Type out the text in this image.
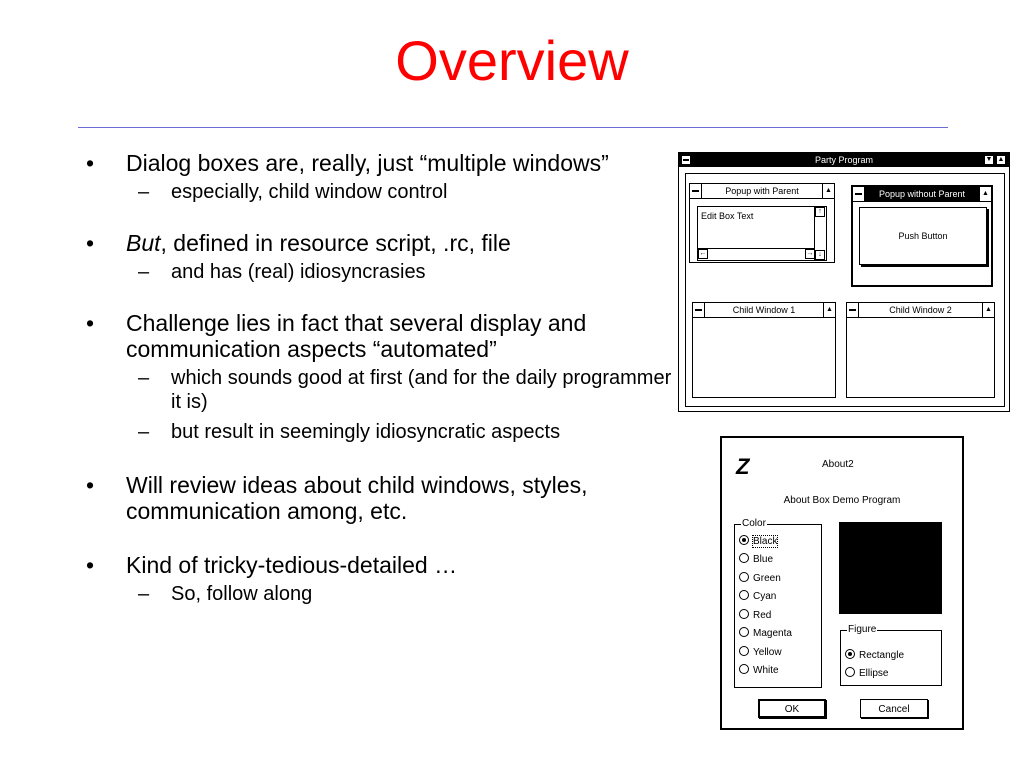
Overview
• Dialog boxes are, really, just “multiple windows”
– especially, child window control
• But, defined in resource script, .rc, file
– and has (real) idiosyncrasies
• Challenge lies in fact that several display and communication aspects “automated”
– which sounds good at first (and for the daily programmer it is)
– but result in seemingly idiosyncratic aspects
• Will review ideas about child windows, styles, communication among, etc.
• Kind of tricky-tedious-detailed …
– So, follow along
Party Program	▼ ▲
Popup with Parent	▲
Edit Box Text	↑
↓
←	→
Popup without Parent	▲
Push Button
Child Window 1	▲	Child Window 2	▲
Z	About2
About Box Demo Program
Color
Black
Blue
Green
Cyan
Red
Magenta
Yellow
White
Figure
Rectangle
Ellipse
OK	Cancel
